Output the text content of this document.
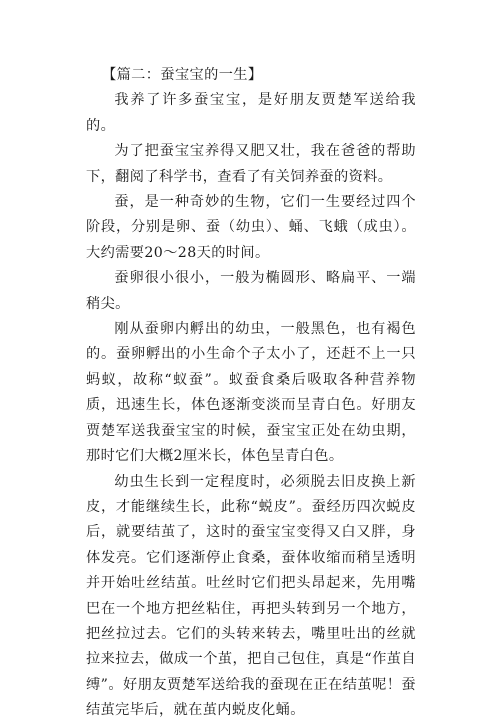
【篇二：蚕宝宝的一生】

我养了许多蚕宝宝，是好朋友贾楚军送给我的。

为了把蚕宝宝养得又肥又壮，我在爸爸的帮助下，翻阅了科学书，查看了有关饲养蚕的资料。

蚕，是一种奇妙的生物，它们一生要经过四个阶段，分别是卵、蚕（幼虫）、蛹、飞蛾（成虫）。大约需要20～28天的时间。

蚕卵很小很小，一般为椭圆形、略扁平、一端稍尖。

刚从蚕卵内孵出的幼虫，一般黑色，也有褐色的。蚕卵孵出的小生命个子太小了，还赶不上一只蚂蚁，故称“蚁蚕”。蚁蚕食桑后吸取各种营养物质，迅速生长，体色逐渐变淡而呈青白色。好朋友贾楚军送我蚕宝宝的时候，蚕宝宝正处在幼虫期，那时它们大概2厘米长，体色呈青白色。

幼虫生长到一定程度时，必须脱去旧皮换上新皮，才能继续生长，此称“蜕皮”。蚕经历四次蜕皮后，就要结茧了，这时的蚕宝宝变得又白又胖，身体发亮。它们逐渐停止食桑，蚕体收缩而稍呈透明并开始吐丝结茧。吐丝时它们把头昂起来，先用嘴巴在一个地方把丝粘住，再把头转到另一个地方，把丝拉过去。它们的头转来转去，嘴里吐出的丝就拉来拉去，做成一个茧，把自己包住，真是“作茧自缚”。好朋友贾楚军送给我的蚕现在正在结茧呢！蚕结茧完毕后，就在茧内蜕皮化蛹。
